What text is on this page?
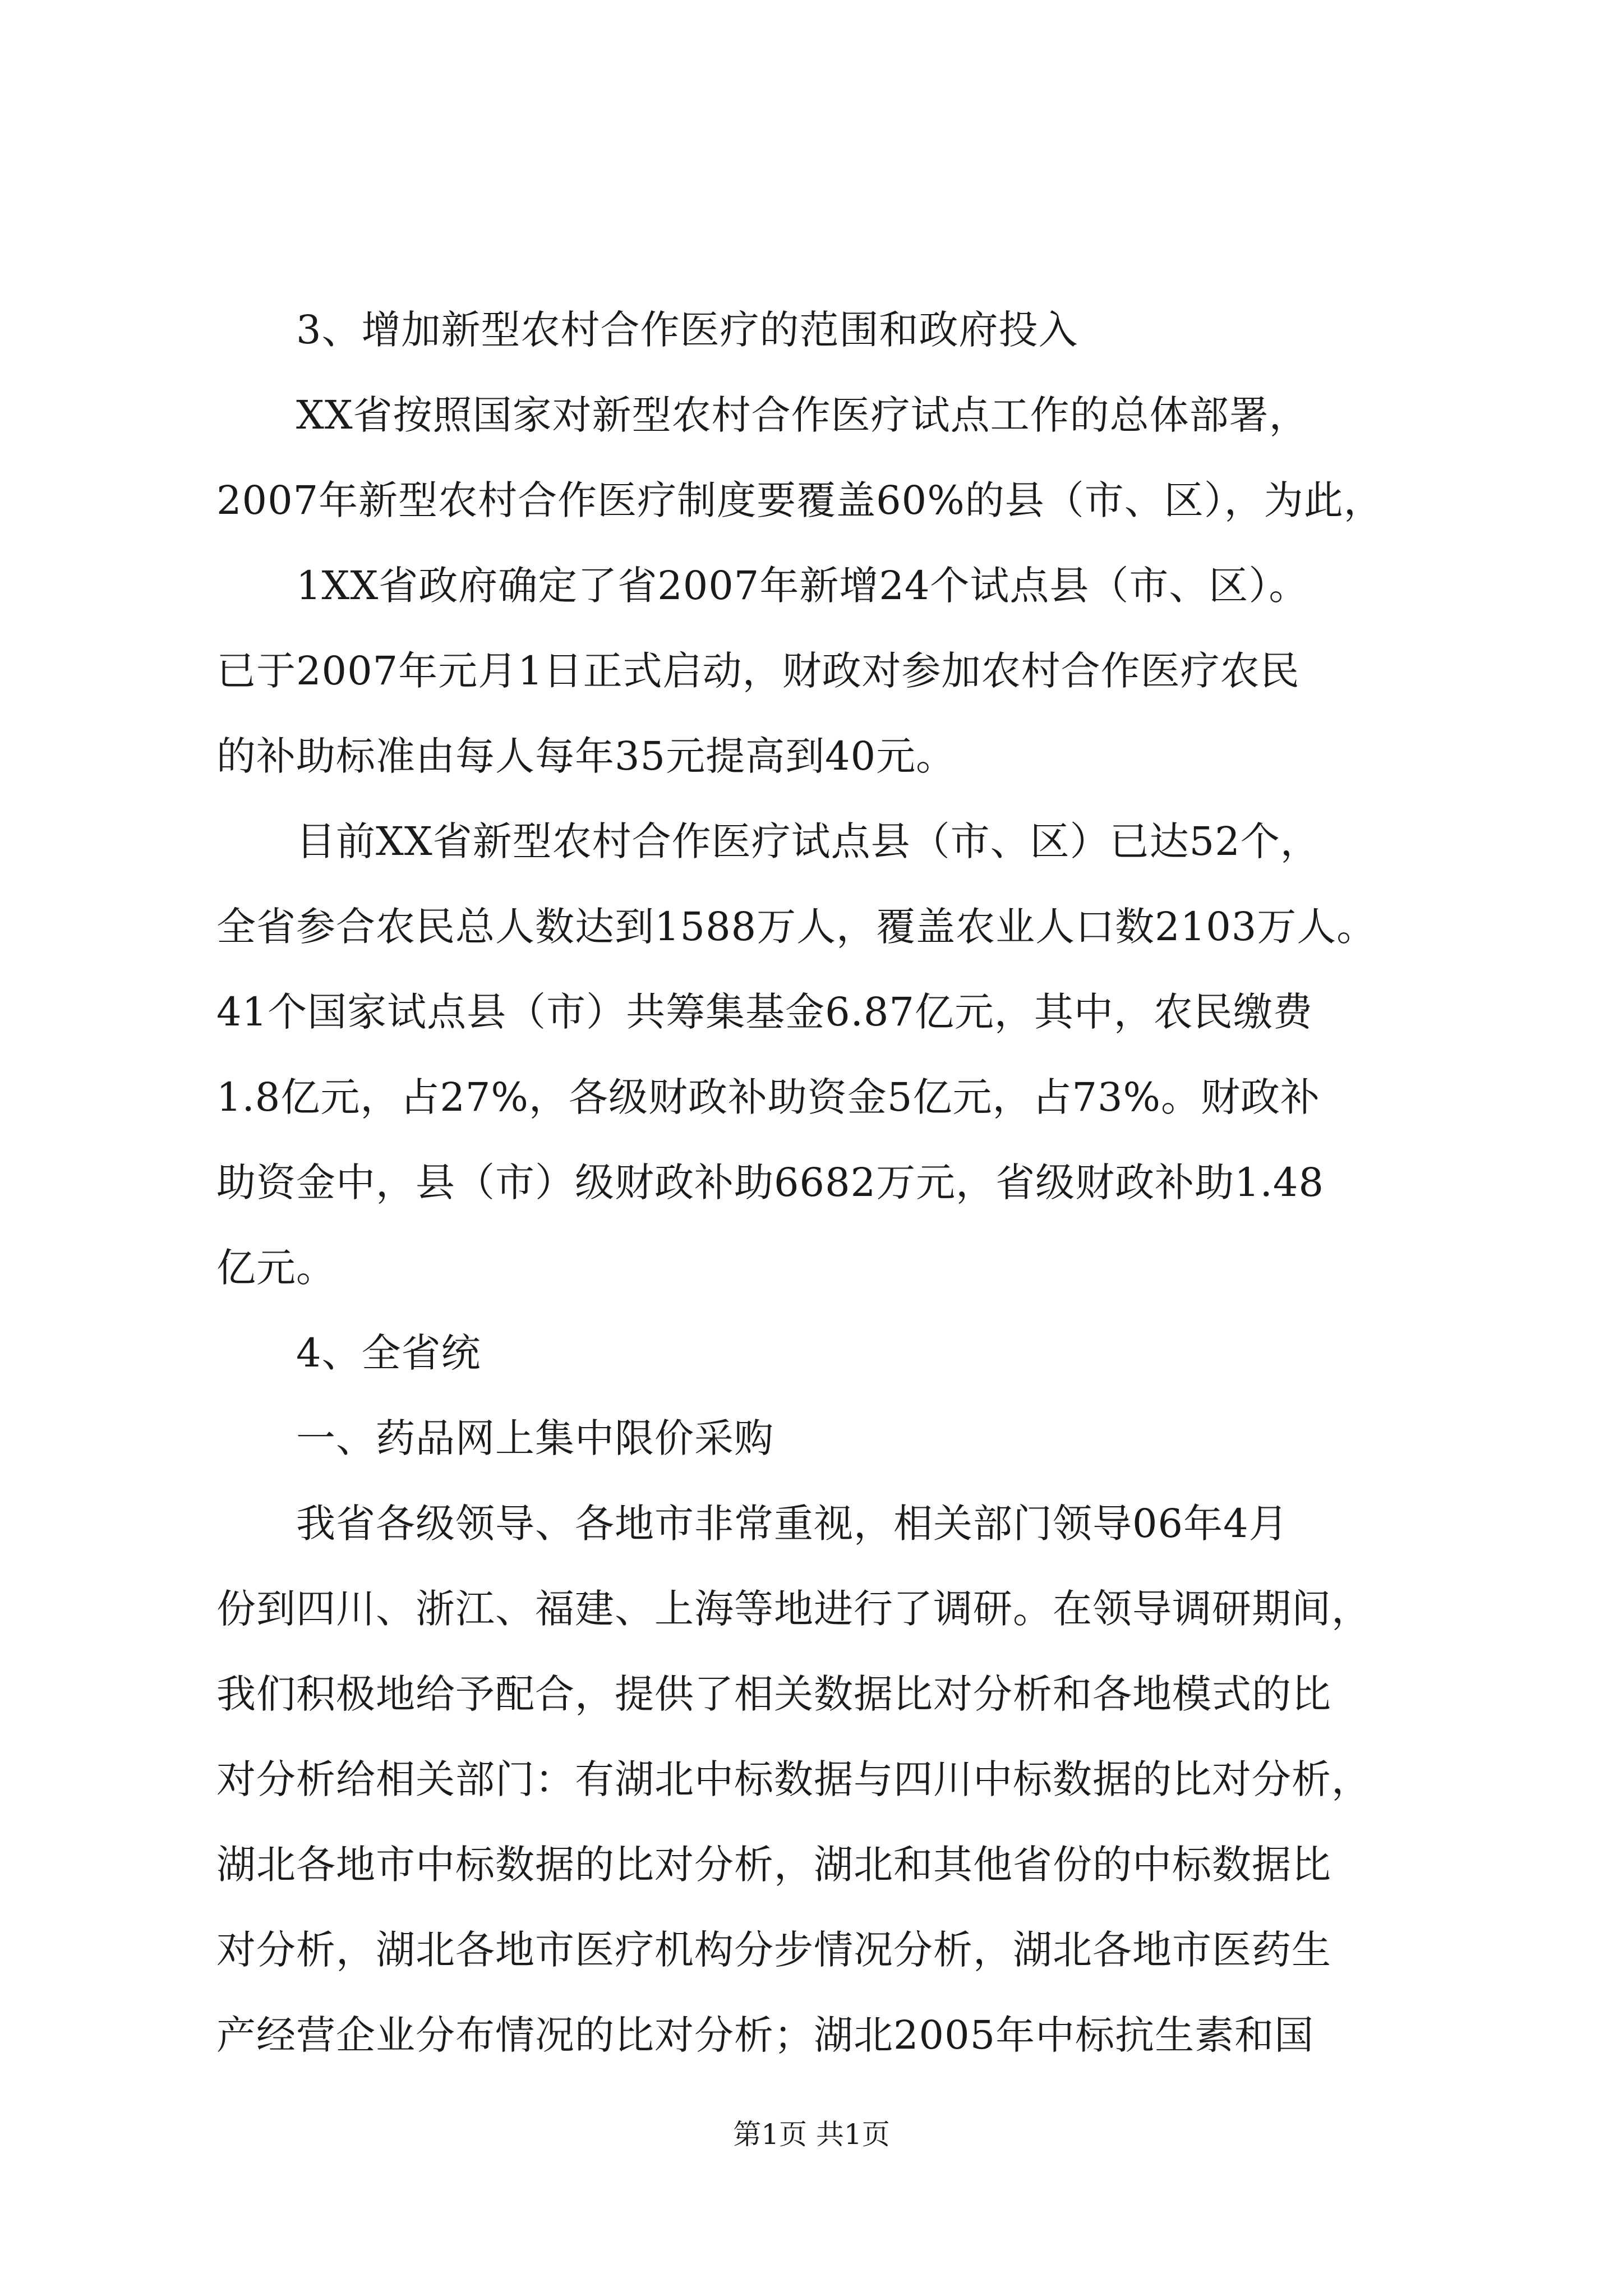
　　3、增加新型农村合作医疗的范围和政府投入
　　XX省按照国家对新型农村合作医疗试点工作的总体部署，
2007年新型农村合作医疗制度要覆盖60%的县（市、区），为此，
　　1XX省政府确定了省2007年新增24个试点县（市、区）。
已于2007年元月1日正式启动，财政对参加农村合作医疗农民
的补助标准由每人每年35元提高到40元。
　　目前XX省新型农村合作医疗试点县（市、区）已达52个，
全省参合农民总人数达到1588万人，覆盖农业人口数2103万人。
41个国家试点县（市）共筹集基金6.87亿元，其中，农民缴费
1.8亿元，占27%，各级财政补助资金5亿元，占73%。财政补
助资金中，县（市）级财政补助6682万元，省级财政补助1.48
亿元。
　　4、全省统
　　一、药品网上集中限价采购
　　我省各级领导、各地市非常重视，相关部门领导06年4月
份到四川、浙江、福建、上海等地进行了调研。在领导调研期间，
我们积极地给予配合，提供了相关数据比对分析和各地模式的比
对分析给相关部门：有湖北中标数据与四川中标数据的比对分析，
湖北各地市中标数据的比对分析，湖北和其他省份的中标数据比
对分析，湖北各地市医疗机构分步情况分析，湖北各地市医药生
产经营企业分布情况的比对分析；湖北2005年中标抗生素和国
第1页 共1页
